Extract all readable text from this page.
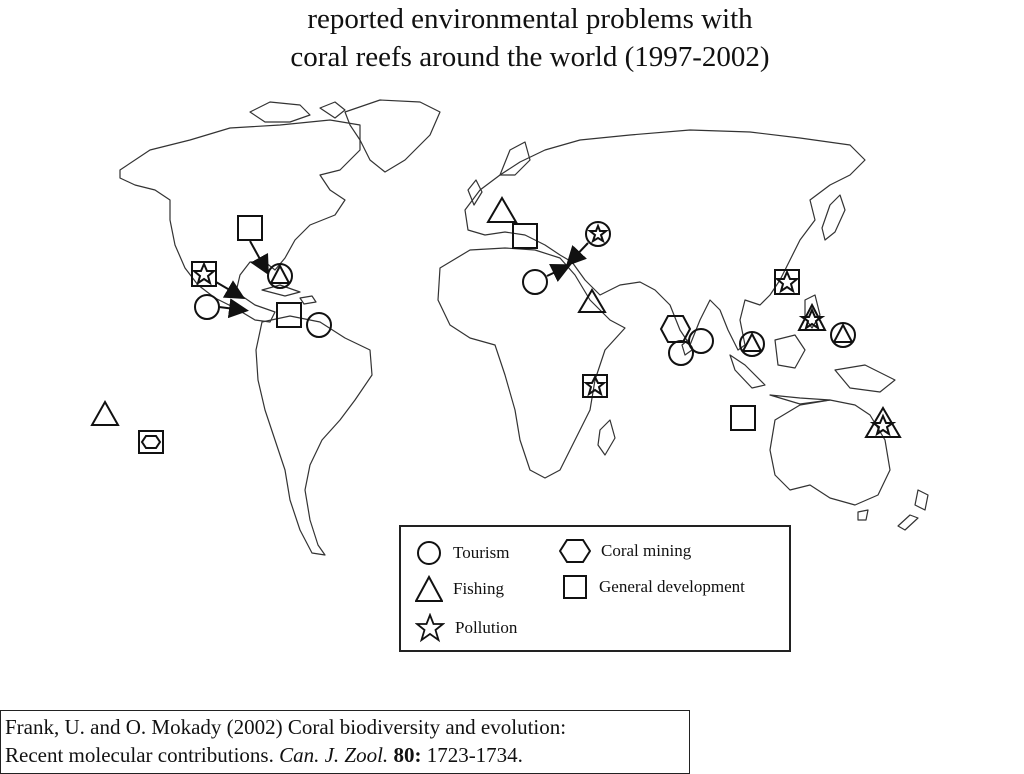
reported environmental problems with
coral reefs around the world (1997-2002)
Tourism	Coral mining
Fishing	General development
Pollution
Frank, U. and O. Mokady (2002) Coral biodiversity and evolution:
Recent molecular contributions. Can. J. Zool. 80: 1723-1734.
